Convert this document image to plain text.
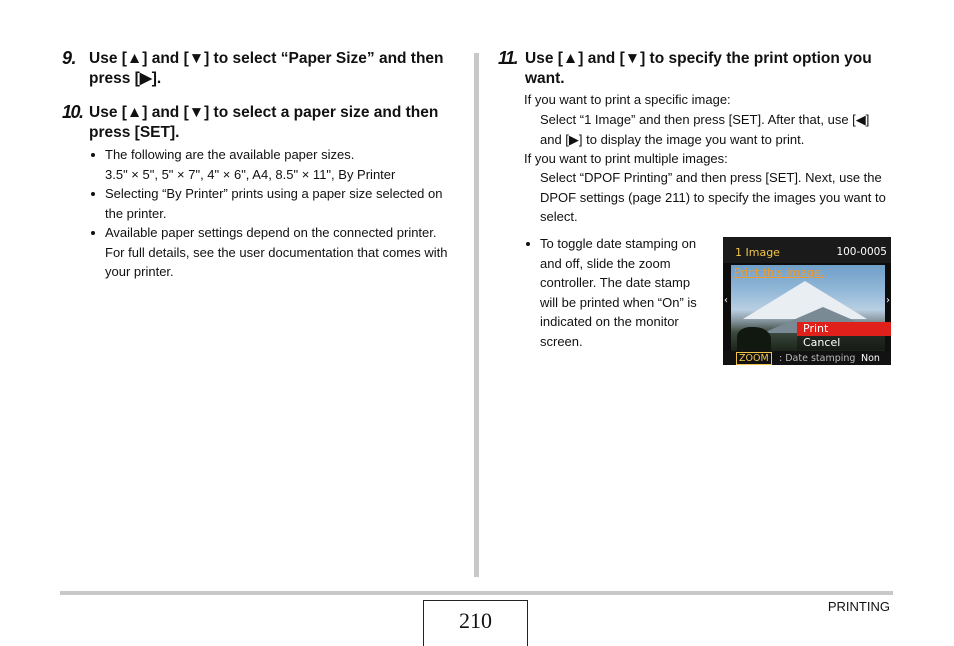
9. Use [▲] and [▼] to select “Paper Size” and then press [▶].
10. Use [▲] and [▼] to select a paper size and then press [SET].
The following are the available paper sizes.
3.5" × 5", 5" × 7", 4" × 6", A4, 8.5" × 11", By Printer
Selecting “By Printer” prints using a paper size selected on the printer.
Available paper settings depend on the connected printer. For full details, see the user documentation that comes with your printer.
11. Use [▲] and [▼] to specify the print option you want.
If you want to print a specific image:
Select “1 Image” and then press [SET]. After that, use [◀] and [▶] to display the image you want to print.
If you want to print multiple images:
Select “DPOF Printing” and then press [SET]. Next, use the DPOF settings (page 211) to specify the images you want to select.
To toggle date stamping on and off, slide the zoom controller. The date stamp will be printed when “On” is indicated on the monitor screen.
1 Image	100-0005
Print this image.
‹	›
Print
Cancel
ZOOM	: Date stamping Non
210
PRINTING
